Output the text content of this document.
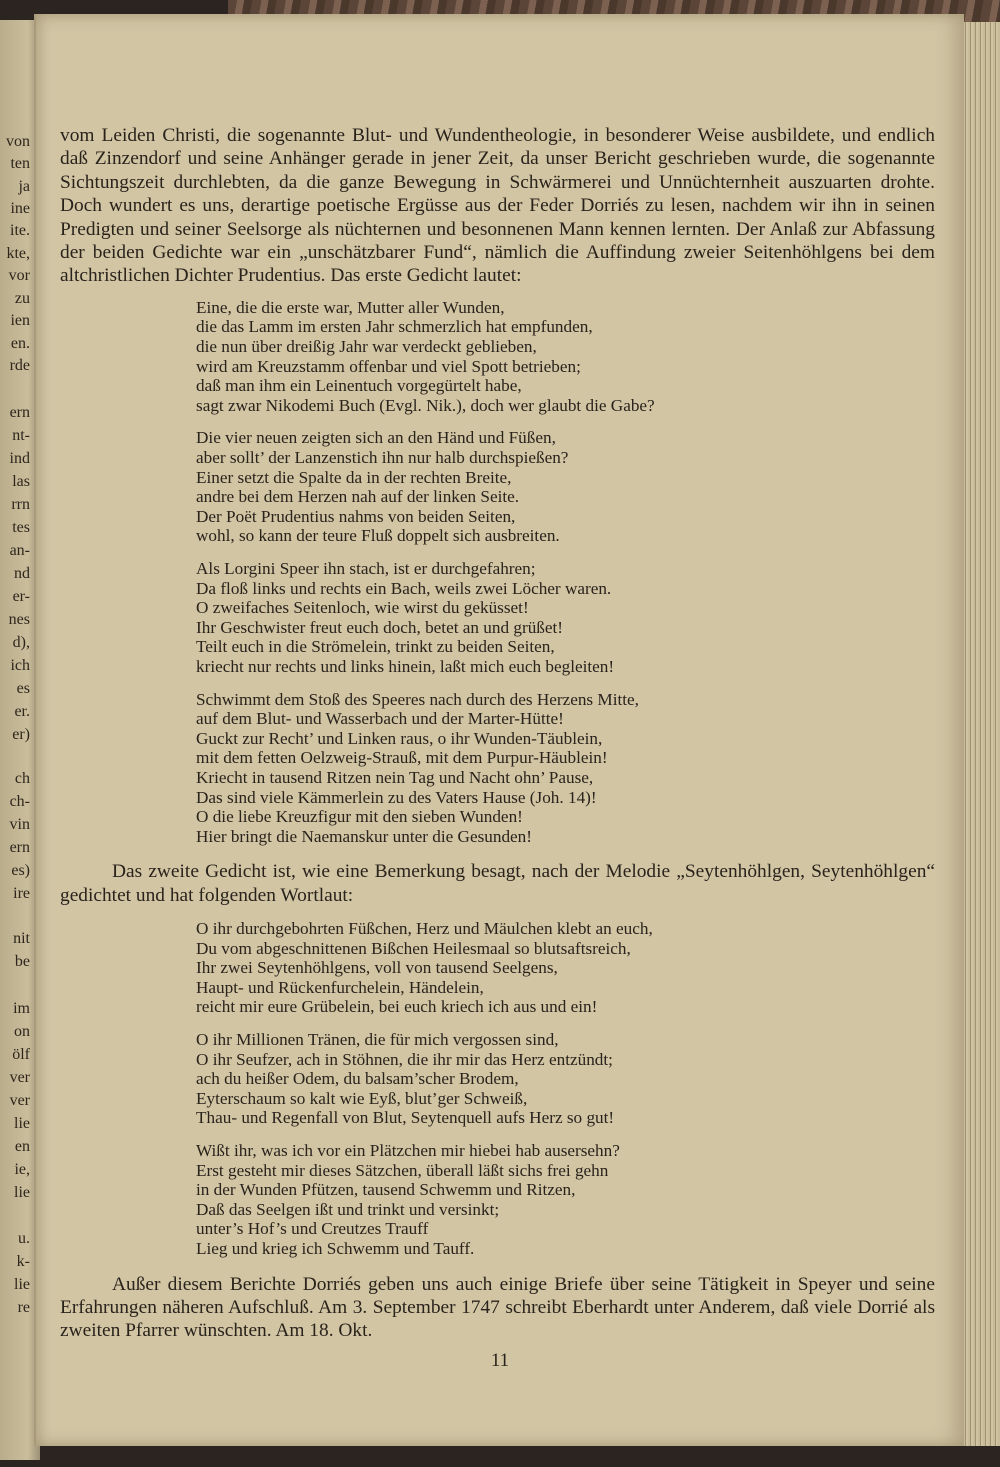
von
ten
ja
ine
ite.
kte,
vor
zu
ien
en.
rde
ern
nt-
ind
las
rrn
tes
an-
nd
er-
nes
d),
ich
es
er.
er)
ch
ch-
vin
ern
es)
ire
nit
be
im
on
ölf
ver
ver
lie
en
ie,
lie
u.
k-
lie
re

vom Leiden Christi, die sogenannte Blut- und Wundentheologie, in besonderer Weise ausbildete, und endlich daß Zinzendorf und seine Anhänger gerade in jener Zeit, da unser Bericht geschrieben wurde, die sogenannte Sichtungszeit durchlebten, da die ganze Bewegung in Schwärmerei und Unnüchternheit auszuarten drohte. Doch wundert es uns, derartige poetische Ergüsse aus der Feder Dorriés zu lesen, nachdem wir ihn in seinen Predigten und seiner Seelsorge als nüchternen und besonnenen Mann kennen lernten. Der Anlaß zur Abfassung der beiden Gedichte war ein „unschätzbarer Fund“, nämlich die Auffindung zweier Seitenhöhlgens bei dem altchristlichen Dichter Prudentius. Das erste Gedicht lautet:

Eine, die die erste war, Mutter aller Wunden,
die das Lamm im ersten Jahr schmerzlich hat empfunden,
die nun über dreißig Jahr war verdeckt geblieben,
wird am Kreuzstamm offenbar und viel Spott betrieben;
daß man ihm ein Leinentuch vorgegürtelt habe,
sagt zwar Nikodemi Buch (Evgl. Nik.), doch wer glaubt die Gabe?
Die vier neuen zeigten sich an den Händ und Füßen,
aber sollt’ der Lanzenstich ihn nur halb durchspießen?
Einer setzt die Spalte da in der rechten Breite,
andre bei dem Herzen nah auf der linken Seite.
Der Poët Prudentius nahms von beiden Seiten,
wohl, so kann der teure Fluß doppelt sich ausbreiten.
Als Lorgini Speer ihn stach, ist er durchgefahren;
Da floß links und rechts ein Bach, weils zwei Löcher waren.
O zweifaches Seitenloch, wie wirst du geküsset!
Ihr Geschwister freut euch doch, betet an und grüßet!
Teilt euch in die Strömelein, trinkt zu beiden Seiten,
kriecht nur rechts und links hinein, laßt mich euch begleiten!
Schwimmt dem Stoß des Speeres nach durch des Herzens Mitte,
auf dem Blut- und Wasserbach und der Marter-Hütte!
Guckt zur Recht’ und Linken raus, o ihr Wunden-Täublein,
mit dem fetten Oelzweig-Strauß, mit dem Purpur-Häublein!
Kriecht in tausend Ritzen nein Tag und Nacht ohn’ Pause,
Das sind viele Kämmerlein zu des Vaters Hause (Joh. 14)!
O die liebe Kreuzfigur mit den sieben Wunden!
Hier bringt die Naemanskur unter die Gesunden!

Das zweite Gedicht ist, wie eine Bemerkung besagt, nach der Melodie „Seytenhöhlgen, Seytenhöhlgen“ gedichtet und hat folgenden Wortlaut:

O ihr durchgebohrten Füßchen, Herz und Mäulchen klebt an euch,
Du vom abgeschnittenen Bißchen Heilesmaal so blutsaftsreich,
Ihr zwei Seytenhöhlgens, voll von tausend Seelgens,
Haupt- und Rückenfurchelein, Händelein,
reicht mir eure Grübelein, bei euch kriech ich aus und ein!
O ihr Millionen Tränen, die für mich vergossen sind,
O ihr Seufzer, ach in Stöhnen, die ihr mir das Herz entzündt;
ach du heißer Odem, du balsam’scher Brodem,
Eyterschaum so kalt wie Eyß, blut’ger Schweiß,
Thau- und Regenfall von Blut, Seytenquell aufs Herz so gut!
Wißt ihr, was ich vor ein Plätzchen mir hiebei hab ausersehn?
Erst gesteht mir dieses Sätzchen, überall läßt sichs frei gehn
in der Wunden Pfützen, tausend Schwemm und Ritzen,
Daß das Seelgen ißt und trinkt und versinkt;
unter’s Hof’s und Creutzes Trauff
Lieg und krieg ich Schwemm und Tauff.

Außer diesem Berichte Dorriés geben uns auch einige Briefe über seine Tätigkeit in Speyer und seine Erfahrungen näheren Aufschluß. Am 3. September 1747 schreibt Eberhardt unter Anderem, daß viele Dorrié als zweiten Pfarrer wünschten. Am 18. Okt.

11
